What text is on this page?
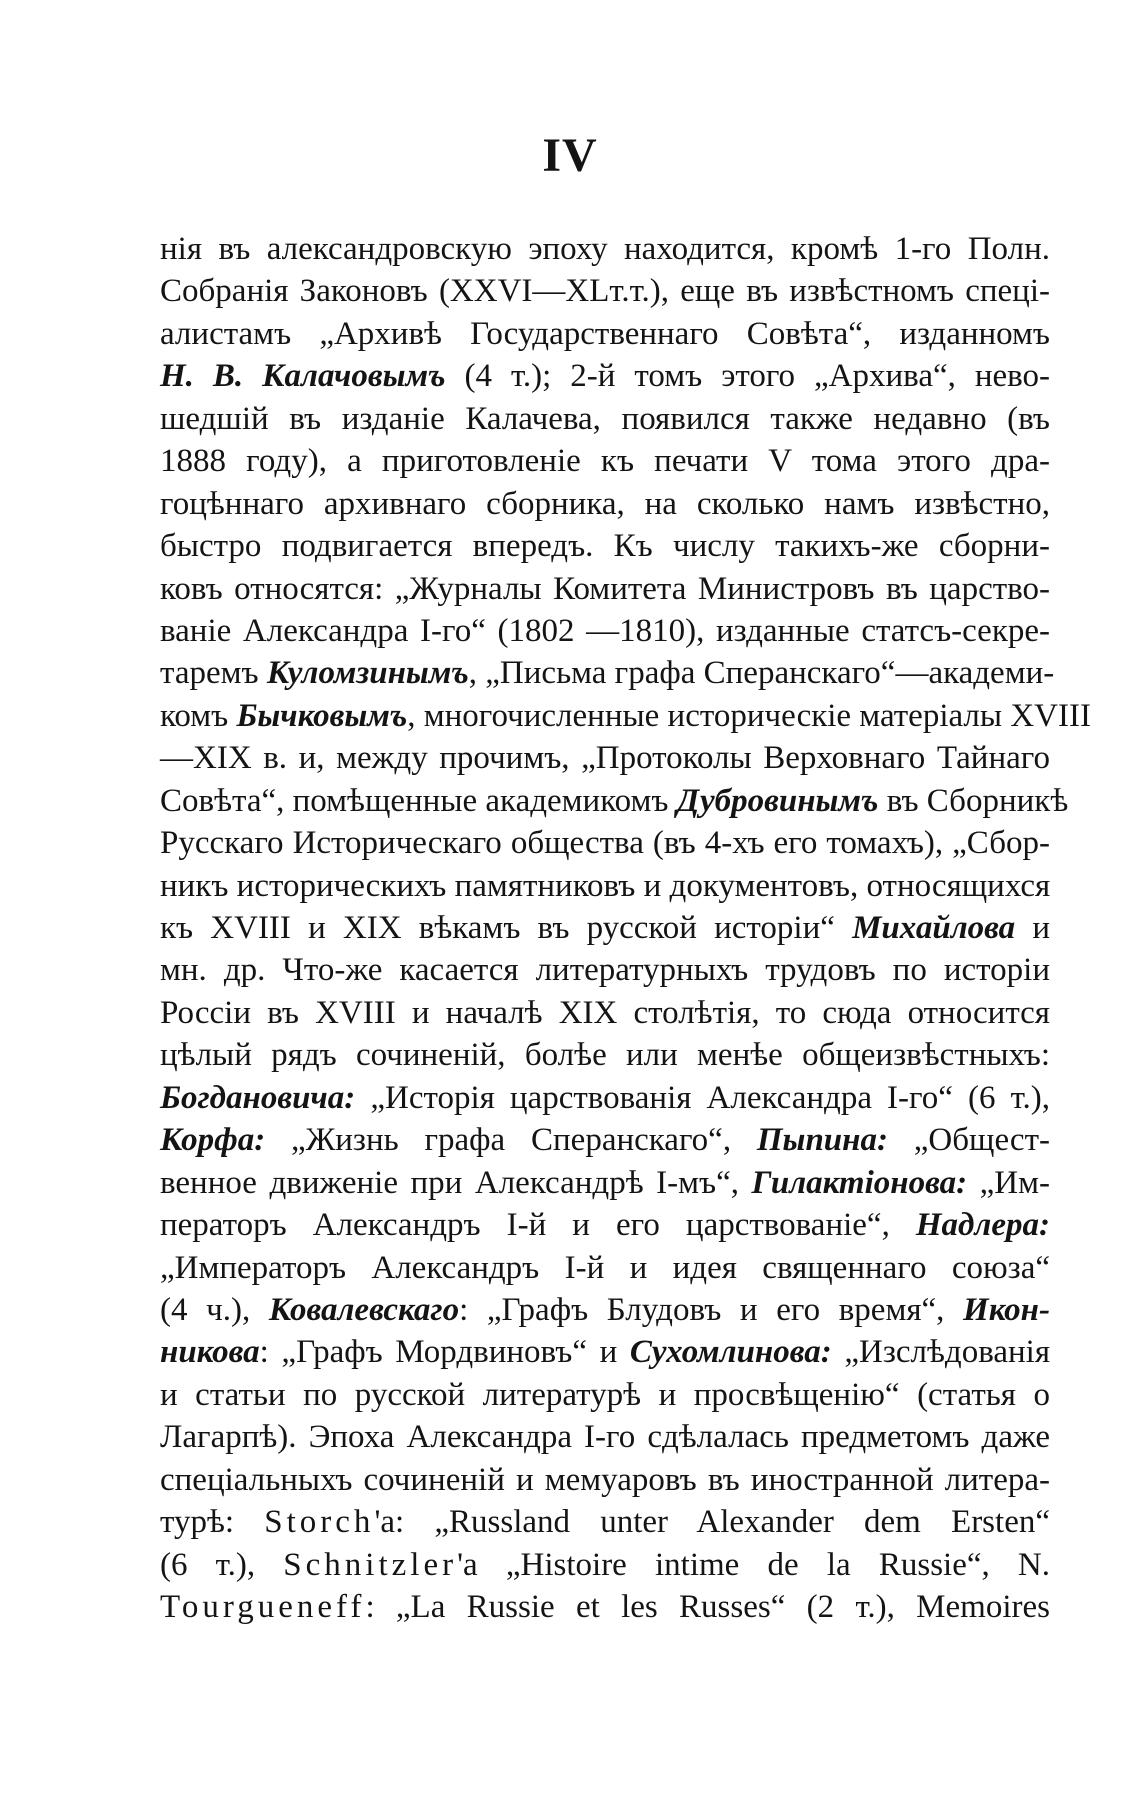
IV
нія въ александровскую эпоху находится, кромѣ 1-го Полн.
Собранія Законовъ (XXVI—XLт.т.), еще въ извѣстномъ спеці-
алистамъ „Архивѣ Государственнаго Совѣта“, изданномъ
Н. В. Калачовымъ (4 т.); 2-й томъ этого „Архива“, нево-
шедшій въ изданіе Калачева, появился также недавно (въ
1888 году), а приготовленіе къ печати V тома этого дра-
гоцѣннаго архивнаго сборника, на сколько намъ извѣстно,
быстро подвигается впередъ. Къ числу такихъ-же сборни-
ковъ относятся: „Журналы Комитета Министровъ въ царство-
ваніе Александра I-го“ (1802 —1810), изданные статсъ-секре-
таремъ Куломзинымъ, „Письма графа Сперанскаго“—академи-
комъ Бычковымъ, многочисленные историческіе матеріалы XVIII
—XIX в. и, между прочимъ, „Протоколы Верховнаго Тайнаго
Совѣта“, помѣщенные академикомъ Дубровинымъ въ Сборникѣ
Русскаго Историческаго общества (въ 4-хъ его томахъ), „Сбор-
никъ историческихъ памятниковъ и документовъ, относящихся
къ XVIII и XIX вѣкамъ въ русской исторіи“ Михайлова и
мн. др. Что-же касается литературныхъ трудовъ по исторіи
Россіи въ XVIII и началѣ XIX столѣтія, то сюда относится
цѣлый рядъ сочиненій, болѣе или менѣе общеизвѣстныхъ:
Богдановича: „Исторія царствованія Александра I-го“ (6 т.),
Корфа: „Жизнь графа Сперанскаго“, Пыпина: „Общест-
венное движеніе при Александрѣ I-мъ“, Гилактіонова: „Им-
ператоръ Александръ I-й и его царствованіе“, Надлера:
„Императоръ Александръ I-й и идея священнаго союза“
(4 ч.), Ковалевскаго: „Графъ Блудовъ и его время“, Икон-
никова: „Графъ Мордвиновъ“ и Сухомлинова: „Изслѣдованія
и статьи по русской литературѣ и просвѣщенію“ (статья о
Лагарпѣ). Эпоха Александра I-го сдѣлалась предметомъ даже
спеціальныхъ сочиненій и мемуаровъ въ иностранной литера-
турѣ: Storch'a: „Russland unter Alexander dem Ersten“
(6 т.), Schnitzler'a „Histoire intime de la Russie“, N.
Tourgueneff: „La Russie et les Russes“ (2 т.), Memoires
